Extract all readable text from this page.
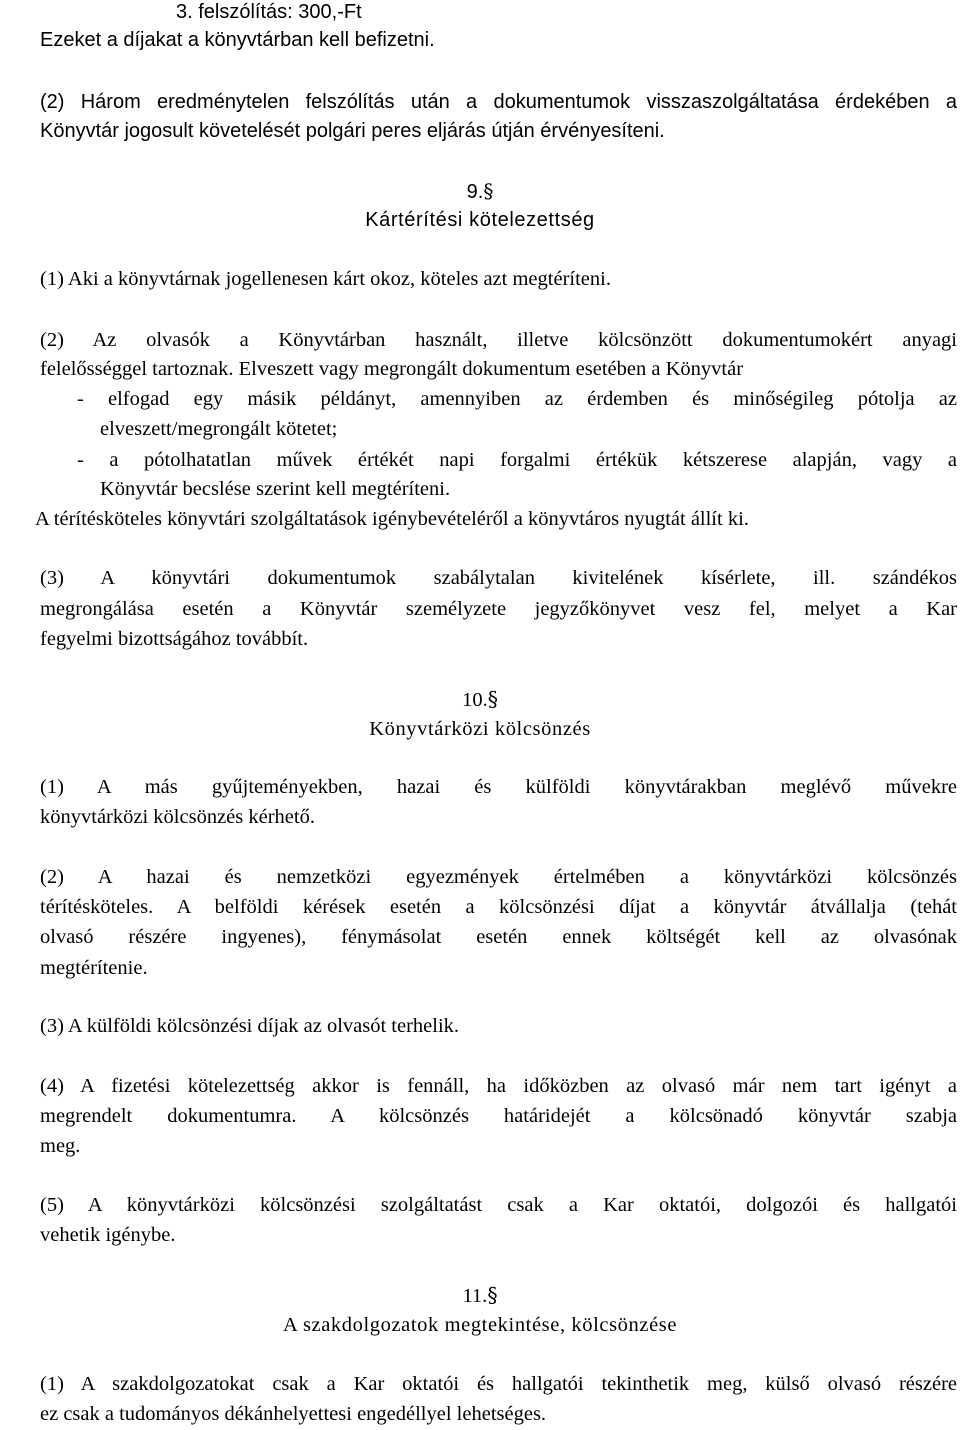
3. felszólítás: 300,-Ft
Ezeket a díjakat a könyvtárban kell befizetni.
(2) Három eredménytelen felszólítás után a dokumentumok visszaszolgáltatása érdekében a
Könyvtár jogosult követelését polgári peres eljárás útján érvényesíteni.
9.§
Kártérítési kötelezettség
(1) Aki a könyvtárnak jogellenesen kárt okoz, köteles azt megtéríteni.
(2) Az olvasók a Könyvtárban használt, illetve kölcsönzött dokumentumokért anyagi
felelősséggel tartoznak. Elveszett vagy megrongált dokumentum esetében a Könyvtár
- elfogad egy másik példányt, amennyiben az érdemben és minőségileg pótolja az
elveszett/megrongált kötetet;
- a pótolhatatlan művek értékét napi forgalmi értékük kétszerese alapján, vagy a
Könyvtár becslése szerint kell megtéríteni.
A térítésköteles könyvtári szolgáltatások igénybevételéről a könyvtáros nyugtát állít ki.
(3) A könyvtári dokumentumok szabálytalan kivitelének kísérlete, ill. szándékos
megrongálása esetén a Könyvtár személyzete jegyzőkönyvet vesz fel, melyet a Kar
fegyelmi bizottságához továbbít.
10.§
Könyvtárközi kölcsönzés
(1) A más gyűjteményekben, hazai és külföldi könyvtárakban meglévő művekre
könyvtárközi kölcsönzés kérhető.
(2) A hazai és nemzetközi egyezmények értelmében a könyvtárközi kölcsönzés
térítésköteles. A belföldi kérések esetén a kölcsönzési díjat a könyvtár átvállalja (tehát
olvasó részére ingyenes), fénymásolat esetén ennek költségét kell az olvasónak
megtérítenie.
(3) A külföldi kölcsönzési díjak az olvasót terhelik.
(4) A fizetési kötelezettség akkor is fennáll, ha időközben az olvasó már nem tart igényt a
megrendelt dokumentumra. A kölcsönzés határidejét a kölcsönadó könyvtár szabja
meg.
(5) A könyvtárközi kölcsönzési szolgáltatást csak a Kar oktatói, dolgozói és hallgatói
vehetik igénybe.
11.§
A szakdolgozatok megtekintése, kölcsönzése
(1) A szakdolgozatokat csak a Kar oktatói és hallgatói tekinthetik meg, külső olvasó részére
ez csak a tudományos dékánhelyettesi engedéllyel lehetséges.
